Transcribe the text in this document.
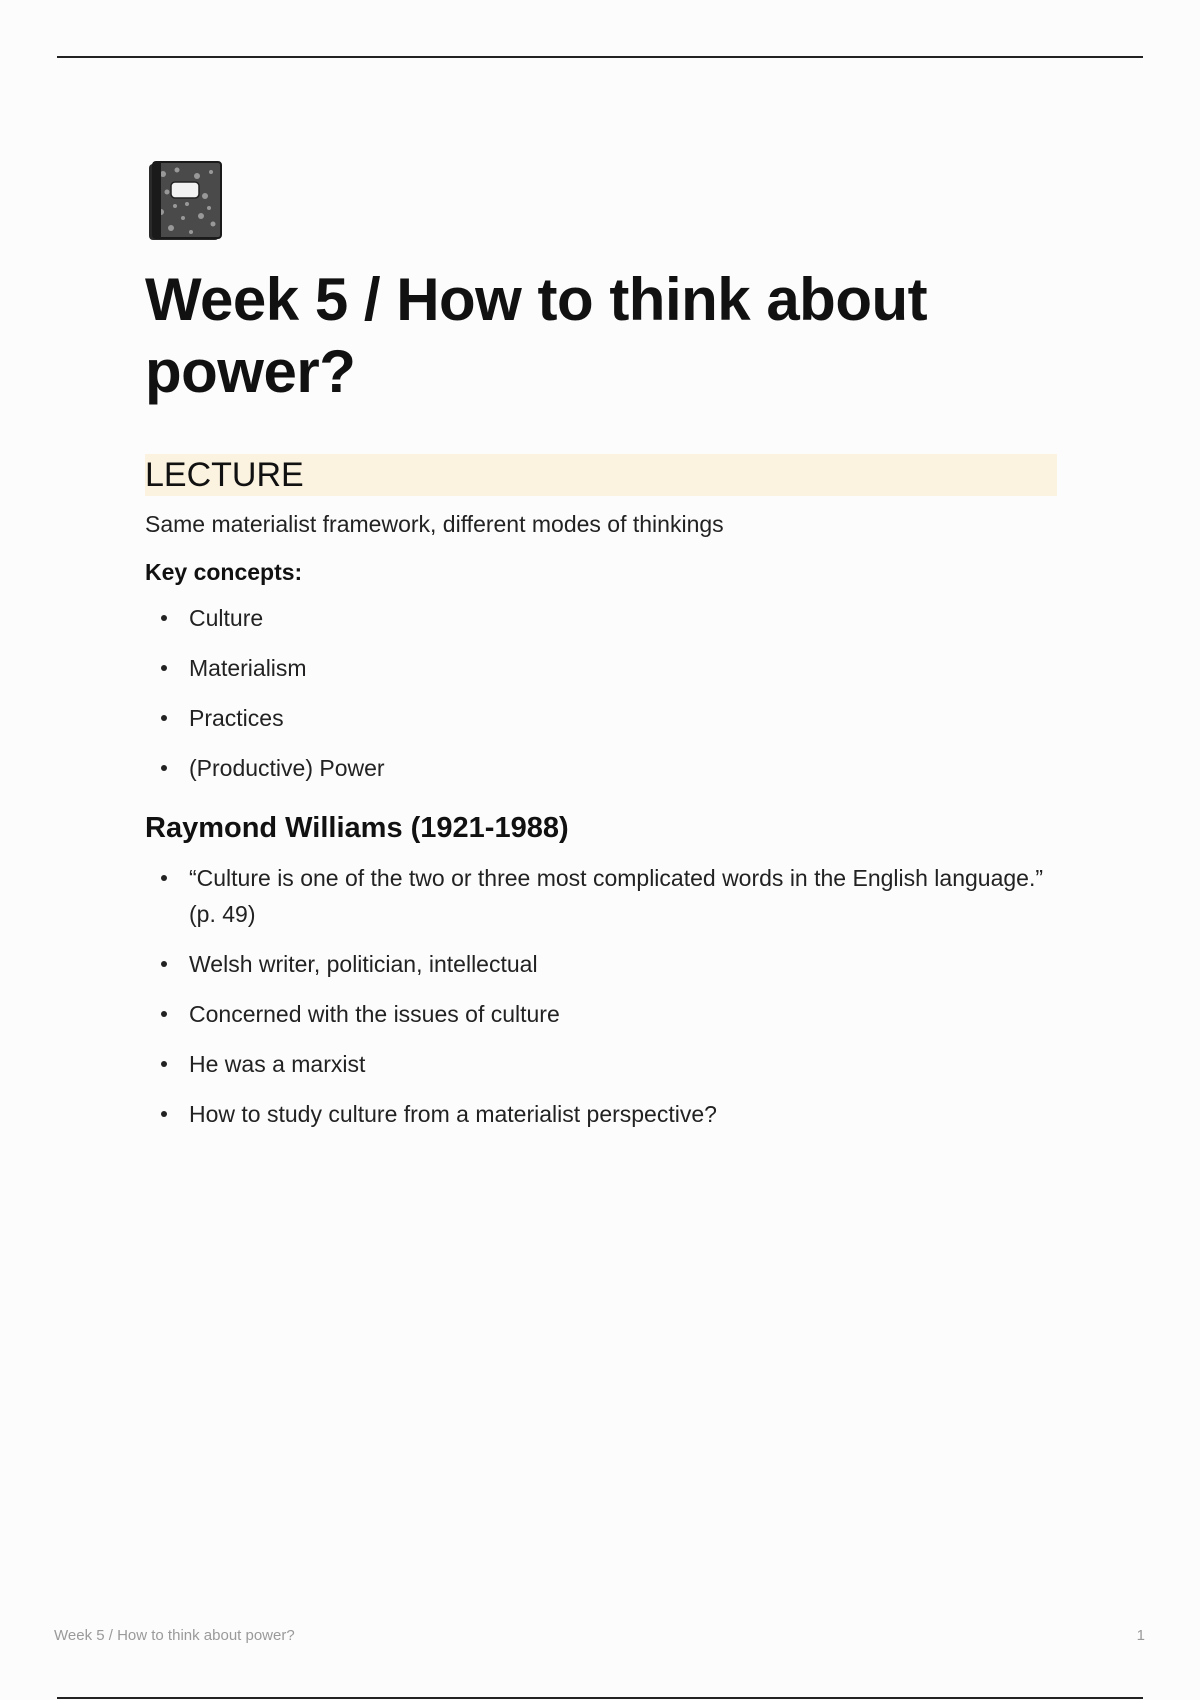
Week 5 / How to think about power?
LECTURE
Same materialist framework, different modes of thinkings
Key concepts:
Culture
Materialism
Practices
(Productive) Power
Raymond Williams (1921-1988)
“Culture is one of the two or three most complicated words in the English language.” (p. 49)
Welsh writer, politician, intellectual
Concerned with the issues of culture
He was a marxist
How to study culture from a materialist perspective?
Week 5 / How to think about power?	1
